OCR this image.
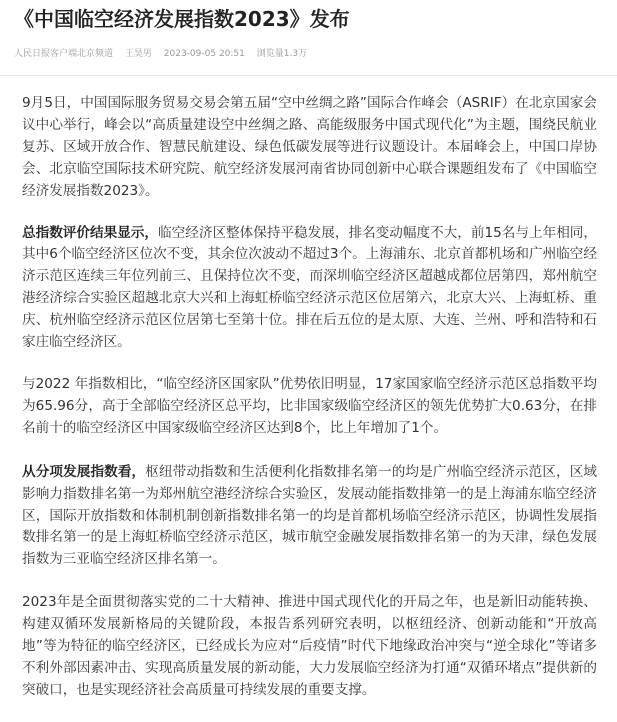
《中国临空经济发展指数2023》发布
人民日报客户端北京频道 王昊男 2023-09-05 20:51 浏览量1.3万

9月5日，中国国际服务贸易交易会第五届“空中丝绸之路”国际合作峰会（ASRIF）在北京国家会议中心举行，峰会以“高质量建设空中丝绸之路、高能级服务中国式现代化”为主题，围绕民航业复苏、区域开放合作、智慧民航建设、绿色低碳发展等进行议题设计。本届峰会上，中国口岸协会、北京临空国际技术研究院、航空经济发展河南省协同创新中心联合课题组发布了《中国临空经济发展指数2023》。

总指数评价结果显示，临空经济区整体保持平稳发展，排名变动幅度不大，前15名与上年相同，其中6个临空经济区位次不变，其余位次波动不超过3个。上海浦东、北京首都机场和广州临空经济示范区连续三年位列前三、且保持位次不变，而深圳临空经济区超越成都位居第四，郑州航空港经济综合实验区超越北京大兴和上海虹桥临空经济示范区位居第六，北京大兴、上海虹桥、重庆、杭州临空经济示范区位居第七至第十位。排在后五位的是太原、大连、兰州、呼和浩特和石家庄临空经济区。

与2022 年指数相比，“临空经济区国家队”优势依旧明显，17家国家临空经济示范区总指数平均为65.96分，高于全部临空经济区总平均，比非国家级临空经济区的领先优势扩大0.63分，在排名前十的临空经济区中国家级临空经济区达到8个，比上年增加了1个。

从分项发展指数看，枢纽带动指数和生活便利化指数排名第一的均是广州临空经济示范区，区域影响力指数排名第一为郑州航空港经济综合实验区，发展动能指数排第一的是上海浦东临空经济区，国际开放指数和体制机制创新指数排名第一的均是首都机场临空经济示范区，协调性发展指数排名第一的是上海虹桥临空经济示范区，城市航空金融发展指数排名第一的为天津，绿色发展指数为三亚临空经济区排名第一。

2023年是全面贯彻落实党的二十大精神、推进中国式现代化的开局之年，也是新旧动能转换、构建双循环发展新格局的关键阶段，本报告系列研究表明，以枢纽经济、创新动能和“开放高地”等为特征的临空经济区，已经成长为应对“后疫情”时代下地缘政治冲突与“逆全球化”等诸多不利外部因素冲击、实现高质量发展的新动能，大力发展临空经济为打通“双循环堵点”提供新的突破口，也是实现经济社会高质量可持续发展的重要支撑。
